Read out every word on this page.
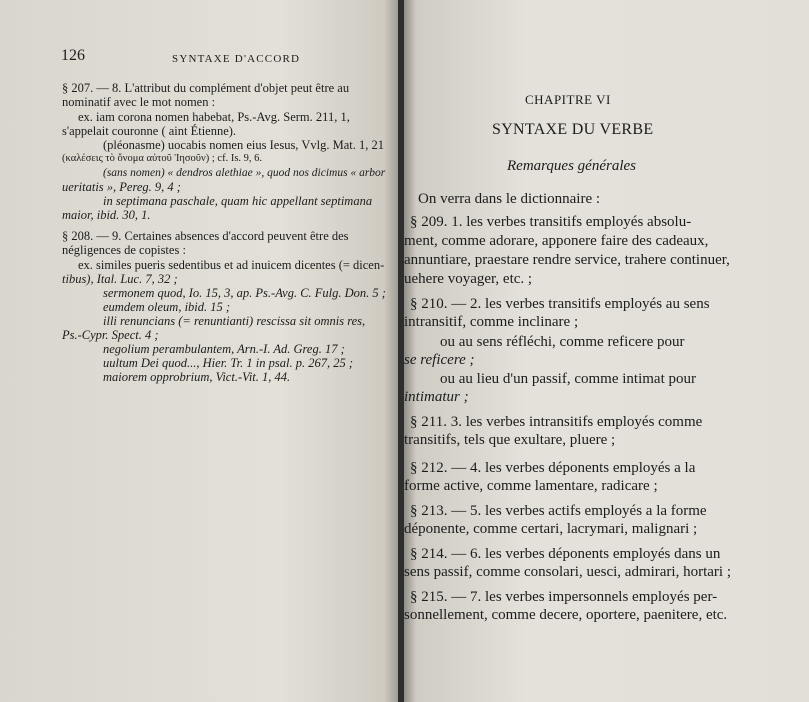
126	SYNTAXE D'ACCORD
§ 207. — 8. L'attribut du complément d'objet peut être au
nominatif avec le mot nomen :
ex. iam corona nomen habebat, Ps.-Avg. Serm. 211, 1,
s'appelait couronne ( aint Étienne).
(pléonasme) uocabis nomen eius Iesus, Vvlg. Mat. 1, 21
(καλέσεις τὸ ὄνομα αὐτοῦ Ἰησοῦν) ; cf. Is. 9, 6.
(sans nomen) « dendros alethiae », quod nos dicimus « arbor
ueritatis », Pereg. 9, 4 ;
in septimana paschale, quam hic appellant septimana
maior, ibid. 30, 1.
§ 208. — 9. Certaines absences d'accord peuvent être des
négligences de copistes :
ex. similes pueris sedentibus et ad inuicem dicentes (= dicen-
tibus), Ital. Luc. 7, 32 ;
sermonem quod, Io. 15, 3, ap. Ps.-Avg. C. Fulg. Don. 5 ;
eumdem oleum, ibid. 15 ;
illi renuncians (= renuntianti) rescissa sit omnis res,
Ps.-Cypr. Spect. 4 ;
negolium perambulantem, Arn.-I. Ad. Greg. 17 ;
uultum Dei quod..., Hier. Tr. 1 in psal. p. 267, 25 ;
maiorem opprobrium, Vict.-Vit. 1, 44.
CHAPITRE VI
SYNTAXE DU VERBE
Remarques générales
On verra dans le dictionnaire :
§ 209. 1. les verbes transitifs employés absolu-
ment, comme adorare, apponere faire des cadeaux,
annuntiare, praestare rendre service, trahere continuer,
uehere voyager, etc. ;
§ 210. — 2. les verbes transitifs employés au sens
intransitif, comme inclinare ;
ou au sens réfléchi, comme reficere pour
se reficere ;
ou au lieu d'un passif, comme intimat pour
intimatur ;
§ 211. 3. les verbes intransitifs employés comme
transitifs, tels que exultare, pluere ;
§ 212. — 4. les verbes déponents employés a la
forme active, comme lamentare, radicare ;
§ 213. — 5. les verbes actifs employés a la forme
déponente, comme certari, lacrymari, malignari ;
§ 214. — 6. les verbes déponents employés dans un
sens passif, comme consolari, uesci, admirari, hortari ;
§ 215. — 7. les verbes impersonnels employés per-
sonnellement, comme decere, oportere, paenitere, etc.
